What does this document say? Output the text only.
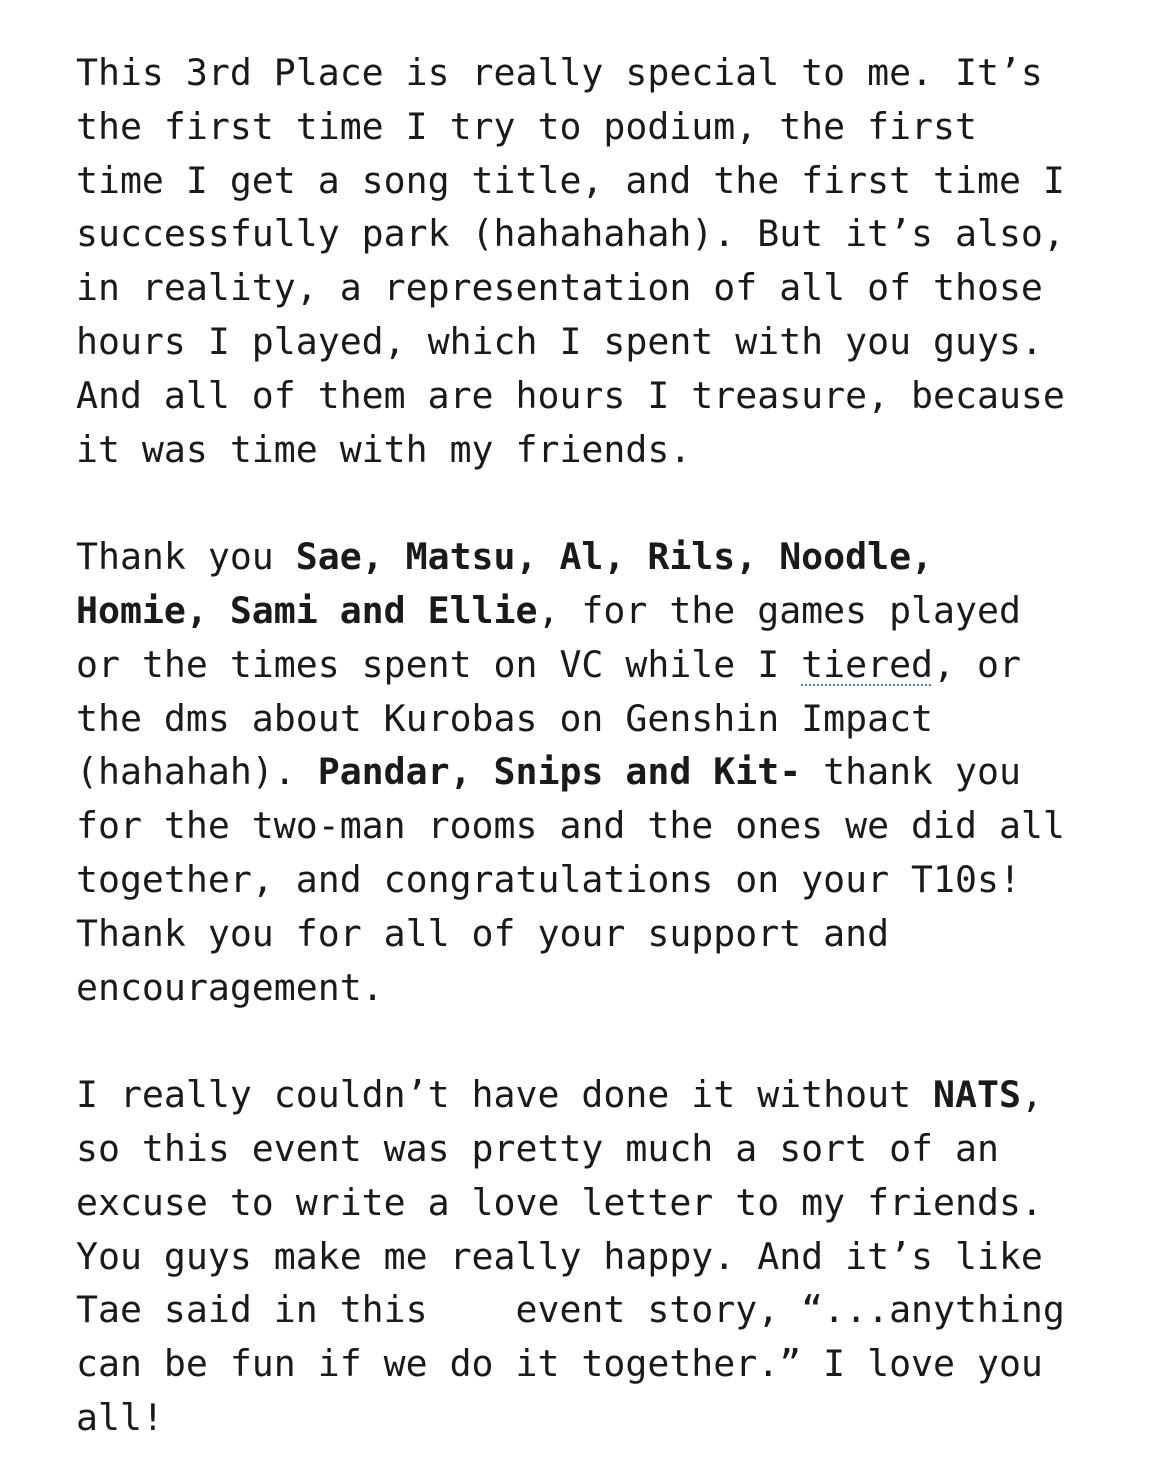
This 3rd Place is really special to me. It’s
the first time I try to podium, the first
time I get a song title, and the first time I
successfully park (hahahahah). But it’s also,
in reality, a representation of all of those
hours I played, which I spent with you guys.
And all of them are hours I treasure, because
it was time with my friends.
Thank you Sae, Matsu, Al, Rils, Noodle,
Homie, Sami and Ellie, for the games played
or the times spent on VC while I tiered, or
the dms about Kurobas on Genshin Impact
(hahahah). Pandar, Snips and Kit- thank you
for the two-man rooms and the ones we did all
together, and congratulations on your T10s!
Thank you for all of your support and
encouragement.
I really couldn’t have done it without NATS,
so this event was pretty much a sort of an
excuse to write a love letter to my friends.
You guys make me really happy. And it’s like
Tae said in this    event story, “...anything
can be fun if we do it together.” I love you
all!
